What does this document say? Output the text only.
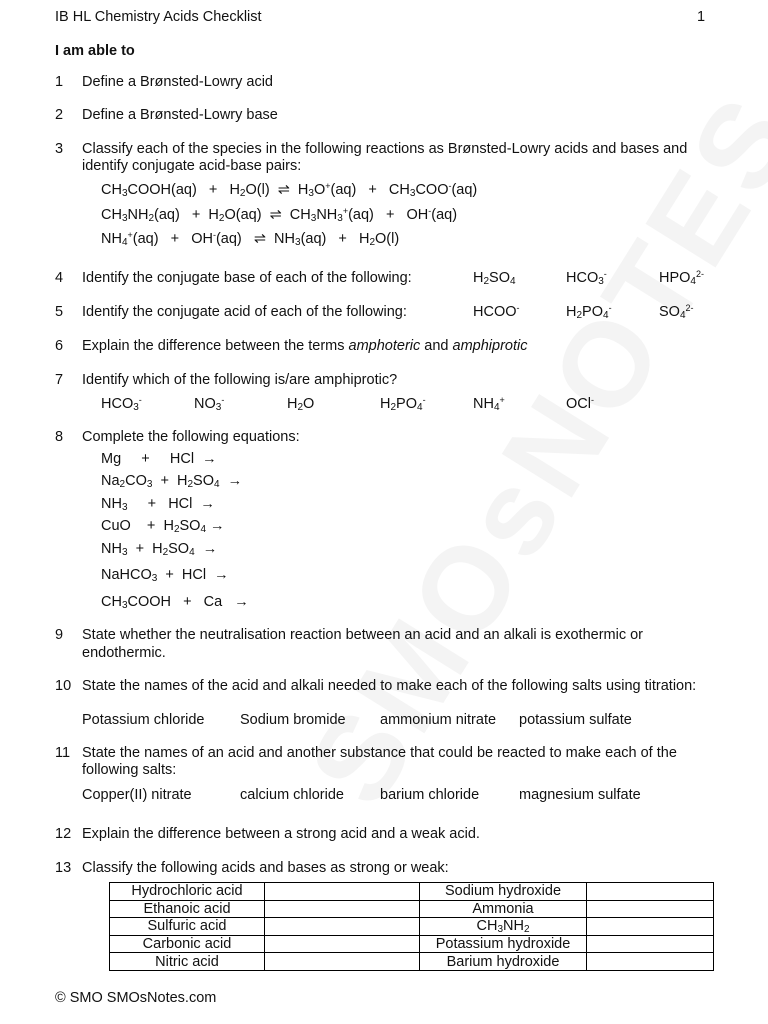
IB HL Chemistry Acids Checklist	1
I am able to
1 Define a Brønsted-Lowry acid
2 Define a Brønsted-Lowry base
3 Classify each of the species in the following reactions as Brønsted-Lowry acids and bases and
identify conjugate acid-base pairs:
$CH_3COOH(aq) + H_2O(l)$  ⇌  $H_3O^+(aq) + CH_3COO^-(aq)$
$CH_3NH_2(aq) + H_2O(aq)$  ⇌  $CH_3NH_3^+(aq) + OH^-(aq)$
$NH_4^+(aq) + OH^-(aq)$   ⇌  $NH_3(aq) + H_2O(l)$
4 Identify the conjugate base of each of the following:	$H_2SO_4$	$HCO_3^-$	$HPO_4^{2-}$
5 Identify the conjugate acid of each of the following:	HCOO-	$H_2PO_4^-$	$SO_4^{2-}$
6 Explain the difference between the terms amphoteric and amphiprotic
7 Identify which of the following is/are amphiprotic?
$HCO_3^-$	$NO_3^-$	$H_2O$	$H_2PO_4^-$	$NH_4^+$	OCl-
8 Complete the following equations:
Mg     +     HCl  →
$Na_2CO_3 + H_2SO_4$  →
$NH_3$     +   HCl  →
CuO    +  $H_2SO_4$ →
$NH_3 + H_2SO_4$  →
NaHCO$_3$  +  HCl  →
$CH_3COOH + Ca$   →
9 State whether the neutralisation reaction between an acid and an alkali is exothermic or
endothermic.
10 State the names of the acid and alkali needed to make each of the following salts using titration:
Potassium chloride Sodium bromide ammonium nitrate potassium sulfate
11 State the names of an acid and another substance that could be reacted to make each of the
following salts:
Copper(II) nitrate	calcium chloride barium chloride	magnesium sulfate
12 Explain the difference between a strong acid and a weak acid.
13 Classify the following acids and bases as strong or weak:
Hydrochloric acid		Sodium hydroxide	
Ethanoic acid		Ammonia	
Sulfuric acid		$CH_3NH_2$	
Carbonic acid		Potassium hydroxide	
Nitric acid		Barium hydroxide	
© SMO SMOsNotes.com
